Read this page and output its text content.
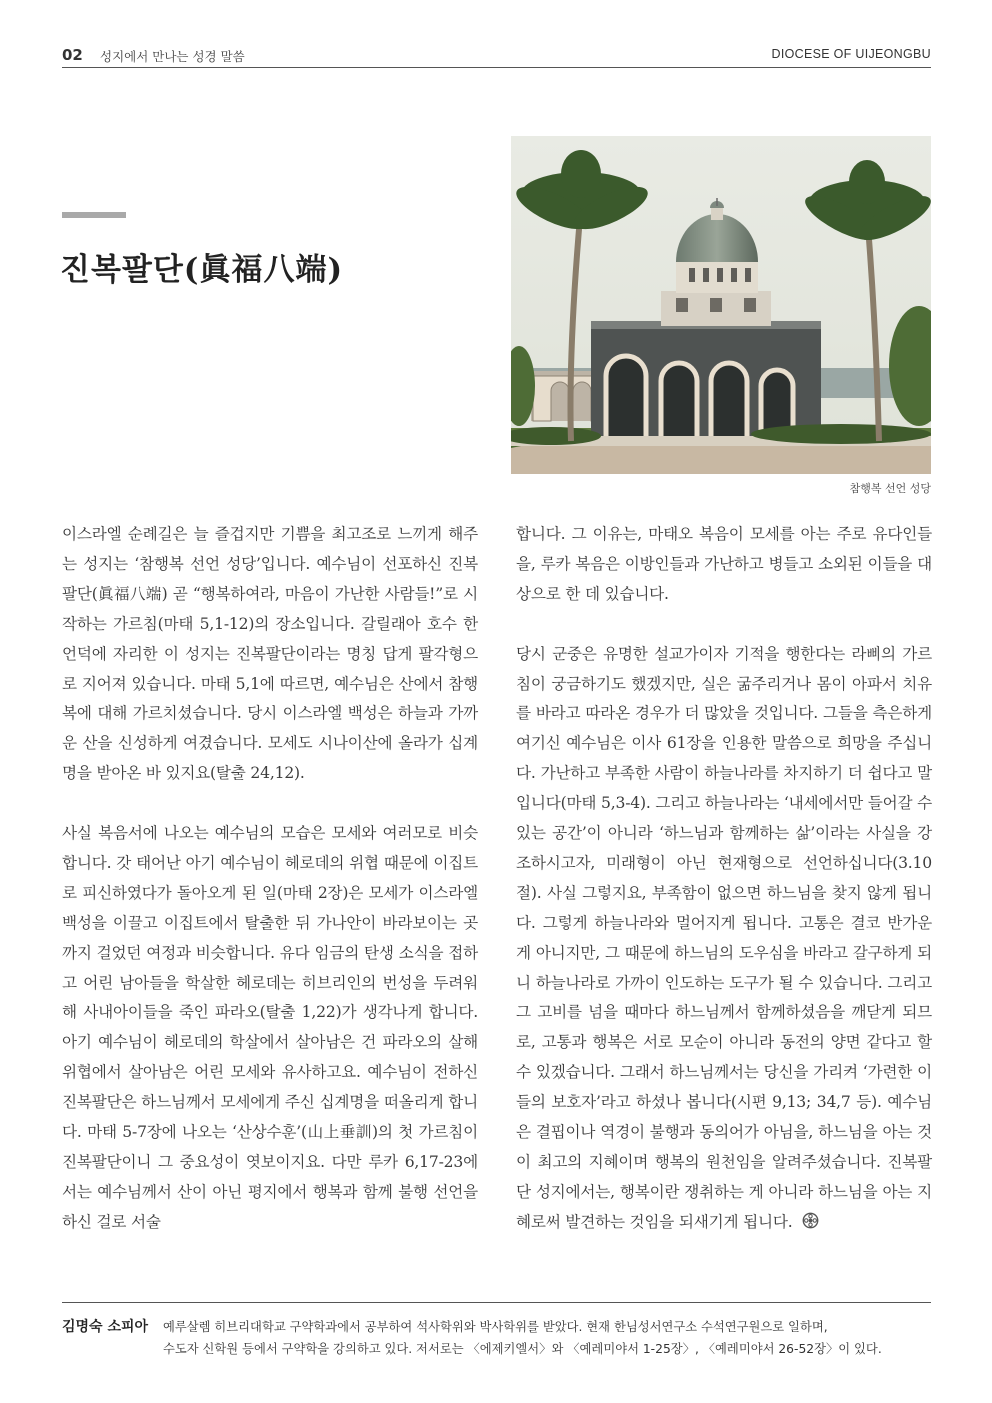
02 성지에서 만나는 성경 말씀	DIOCESE OF UIJEONGBU
진복팔단(眞福八端)
참행복 선언 성당

이스라엘 순례길은 늘 즐겁지만 기쁨을 최고조로 느끼게 해주는 성지는 ‘참행복 선언 성당’입니다. 예수님이 선포하신 진복팔단(眞福八端) 곧 “행복하여라, 마음이 가난한 사람들!”로 시작하는 가르침(마태 5,1-12)의 장소입니다. 갈릴래아 호수 한 언덕에 자리한 이 성지는 진복팔단이라는 명칭 답게 팔각형으로 지어져 있습니다. 마태 5,1에 따르면, 예수님은 산에서 참행복에 대해 가르치셨습니다. 당시 이스라엘 백성은 하늘과 가까운 산을 신성하게 여겼습니다. 모세도 시나이산에 올라가 십계명을 받아온 바 있지요(탈출 24,12).

사실 복음서에 나오는 예수님의 모습은 모세와 여러모로 비슷합니다. 갓 태어난 아기 예수님이 헤로데의 위협 때문에 이집트로 피신하였다가 돌아오게 된 일(마태 2장)은 모세가 이스라엘 백성을 이끌고 이집트에서 탈출한 뒤 가나안이 바라보이는 곳까지 걸었던 여정과 비슷합니다. 유다 임금의 탄생 소식을 접하고 어린 남아들을 학살한 헤로데는 히브리인의 번성을 두려워해 사내아이들을 죽인 파라오(탈출 1,22)가 생각나게 합니다. 아기 예수님이 헤로데의 학살에서 살아남은 건 파라오의 살해 위협에서 살아남은 어린 모세와 유사하고요. 예수님이 전하신 진복팔단은 하느님께서 모세에게 주신 십계명을 떠올리게 합니다. 마태 5-7장에 나오는 ‘산상수훈’(山上垂訓)의 첫 가르침이 진복팔단이니 그 중요성이 엿보이지요. 다만 루카 6,17-23에서는 예수님께서 산이 아닌 평지에서 행복과 함께 불행 선언을 하신 걸로 서술

합니다. 그 이유는, 마태오 복음이 모세를 아는 주로 유다인들을, 루카 복음은 이방인들과 가난하고 병들고 소외된 이들을 대상으로 한 데 있습니다.

당시 군중은 유명한 설교가이자 기적을 행한다는 라삐의 가르침이 궁금하기도 했겠지만, 실은 굶주리거나 몸이 아파서 치유를 바라고 따라온 경우가 더 많았을 것입니다. 그들을 측은하게 여기신 예수님은 이사 61장을 인용한 말씀으로 희망을 주십니다. 가난하고 부족한 사람이 하늘나라를 차지하기 더 쉽다고 말입니다(마태 5,3-4). 그리고 하늘나라는 ‘내세에서만 들어갈 수 있는 공간’이 아니라 ‘하느님과 함께하는 삶’이라는 사실을 강조하시고자, 미래형이 아닌 현재형으로 선언하십니다(3.10절). 사실 그렇지요, 부족함이 없으면 하느님을 찾지 않게 됩니다. 그렇게 하늘나라와 멀어지게 됩니다. 고통은 결코 반가운 게 아니지만, 그 때문에 하느님의 도우심을 바라고 갈구하게 되니 하늘나라로 가까이 인도하는 도구가 될 수 있습니다. 그리고 그 고비를 넘을 때마다 하느님께서 함께하셨음을 깨닫게 되므로, 고통과 행복은 서로 모순이 아니라 동전의 양면 같다고 할 수 있겠습니다. 그래서 하느님께서는 당신을 가리켜 ‘가련한 이들의 보호자’라고 하셨나 봅니다(시편 9,13; 34,7 등). 예수님은 결핍이나 역경이 불행과 동의어가 아님을, 하느님을 아는 것이 최고의 지혜이며 행복의 원천임을 알려주셨습니다. 진복팔단 성지에서는, 행복이란 쟁취하는 게 아니라 하느님을 아는 지혜로써 발견하는 것임을 되새기게 됩니다.

김명숙 소피아 예루살렘 히브리대학교 구약학과에서 공부하여 석사학위와 박사학위를 받았다. 현재 한님성서연구소 수석연구원으로 일하며,
수도자 신학원 등에서 구약학을 강의하고 있다. 저서로는 〈에제키엘서〉와 〈예레미야서 1-25장〉, 〈예레미야서 26-52장〉이 있다.
